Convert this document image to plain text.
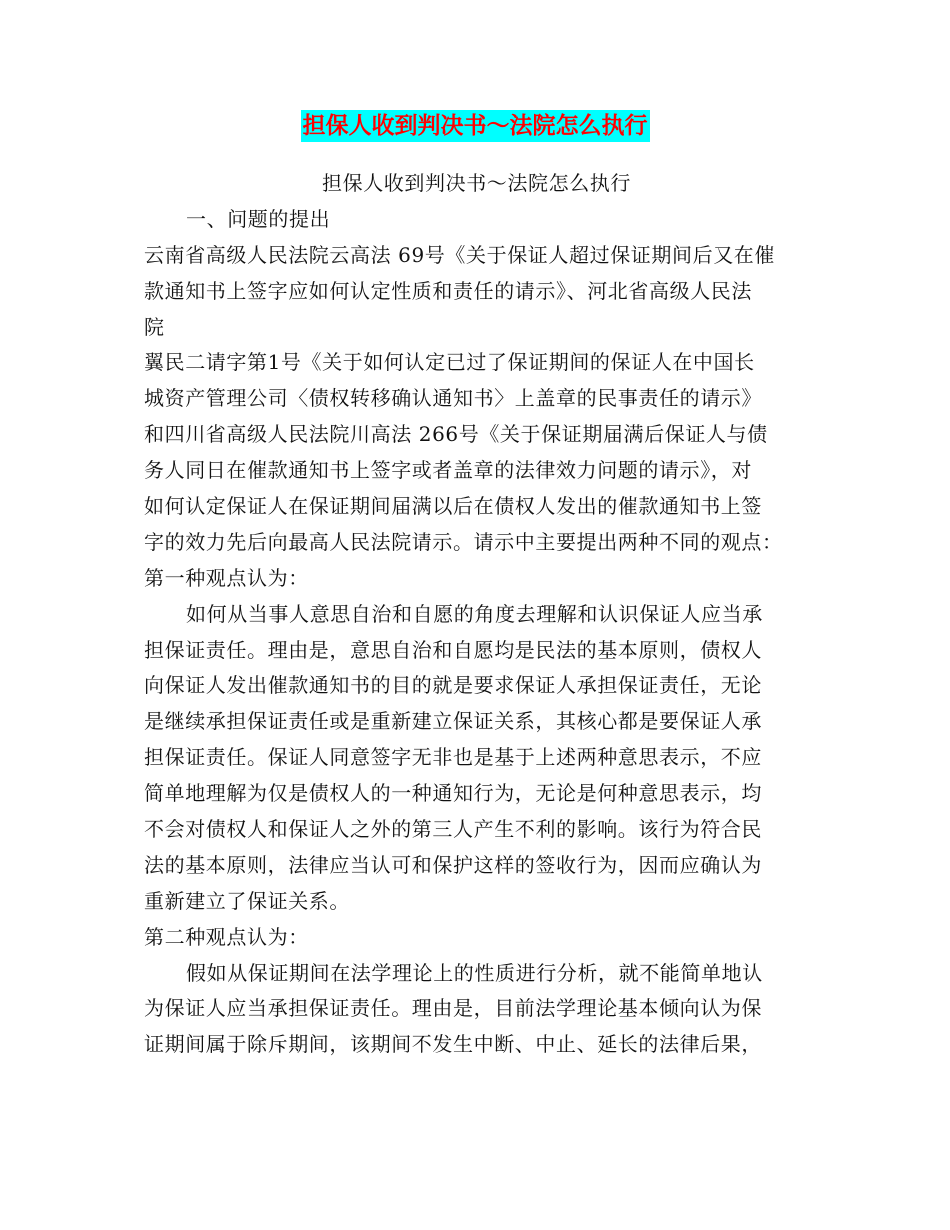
担保人收到判决书～法院怎么执行
担保人收到判决书～法院怎么执行
一、问题的提出
云南省高级人民法院云高法 69号《关于保证人超过保证期间后又在催
款通知书上签字应如何认定性质和责任的请示》、河北省高级人民法
院
翼民二请字第1号《关于如何认定已过了保证期间的保证人在中国长
城资产管理公司〈债权转移确认通知书〉上盖章的民事责任的请示》
和四川省高级人民法院川高法 266号《关于保证期届满后保证人与债
务人同日在催款通知书上签字或者盖章的法律效力问题的请示》，对
如何认定保证人在保证期间届满以后在债权人发出的催款通知书上签
字的效力先后向最高人民法院请示。请示中主要提出两种不同的观点：
第一种观点认为：
如何从当事人意思自治和自愿的角度去理解和认识保证人应当承
担保证责任。理由是，意思自治和自愿均是民法的基本原则，债权人
向保证人发出催款通知书的目的就是要求保证人承担保证责任，无论
是继续承担保证责任或是重新建立保证关系，其核心都是要保证人承
担保证责任。保证人同意签字无非也是基于上述两种意思表示，不应
简单地理解为仅是债权人的一种通知行为，无论是何种意思表示，均
不会对债权人和保证人之外的第三人产生不利的影响。该行为符合民
法的基本原则，法律应当认可和保护这样的签收行为，因而应确认为
重新建立了保证关系。
第二种观点认为：
假如从保证期间在法学理论上的性质进行分析，就不能简单地认
为保证人应当承担保证责任。理由是，目前法学理论基本倾向认为保
证期间属于除斥期间，该期间不发生中断、中止、延长的法律后果，
